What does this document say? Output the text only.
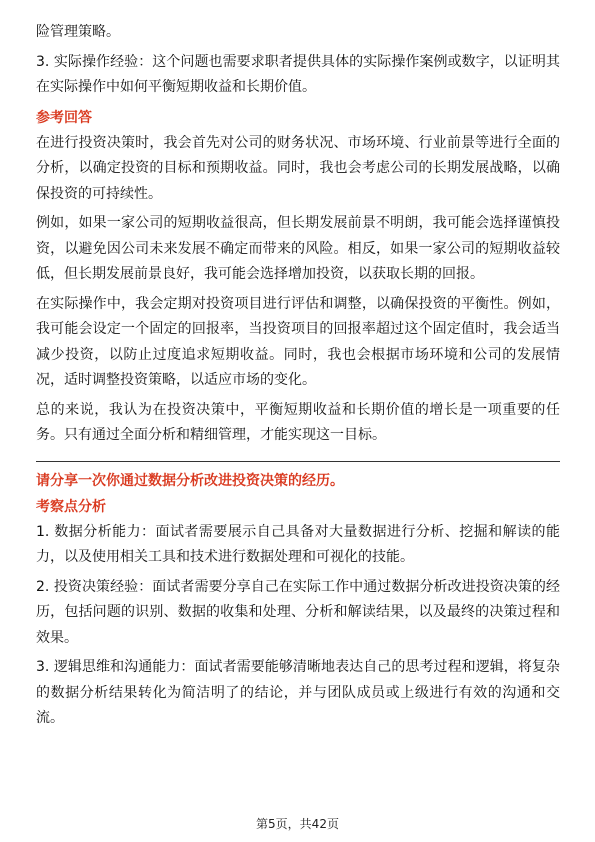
险管理策略。

3. 实际操作经验：这个问题也需要求职者提供具体的实际操作案例或数字，以证明其在实际操作中如何平衡短期收益和长期价值。

参考回答

在进行投资决策时，我会首先对公司的财务状况、市场环境、行业前景等进行全面的分析，以确定投资的目标和预期收益。同时，我也会考虑公司的长期发展战略，以确保投资的可持续性。

例如，如果一家公司的短期收益很高，但长期发展前景不明朗，我可能会选择谨慎投资，以避免因公司未来发展不确定而带来的风险。相反，如果一家公司的短期收益较低，但长期发展前景良好，我可能会选择增加投资，以获取长期的回报。

在实际操作中，我会定期对投资项目进行评估和调整，以确保投资的平衡性。例如，我可能会设定一个固定的回报率，当投资项目的回报率超过这个固定值时，我会适当减少投资，以防止过度追求短期收益。同时，我也会根据市场环境和公司的发展情况，适时调整投资策略，以适应市场的变化。

总的来说，我认为在投资决策中，平衡短期收益和长期价值的增长是一项重要的任务。只有通过全面分析和精细管理，才能实现这一目标。

请分享一次你通过数据分析改进投资决策的经历。
考察点分析

1. 数据分析能力：面试者需要展示自己具备对大量数据进行分析、挖掘和解读的能力，以及使用相关工具和技术进行数据处理和可视化的技能。

2. 投资决策经验：面试者需要分享自己在实际工作中通过数据分析改进投资决策的经历，包括问题的识别、数据的收集和处理、分析和解读结果，以及最终的决策过程和效果。

3. 逻辑思维和沟通能力：面试者需要能够清晰地表达自己的思考过程和逻辑，将复杂的数据分析结果转化为简洁明了的结论，并与团队成员或上级进行有效的沟通和交流。

第5页，共42页
